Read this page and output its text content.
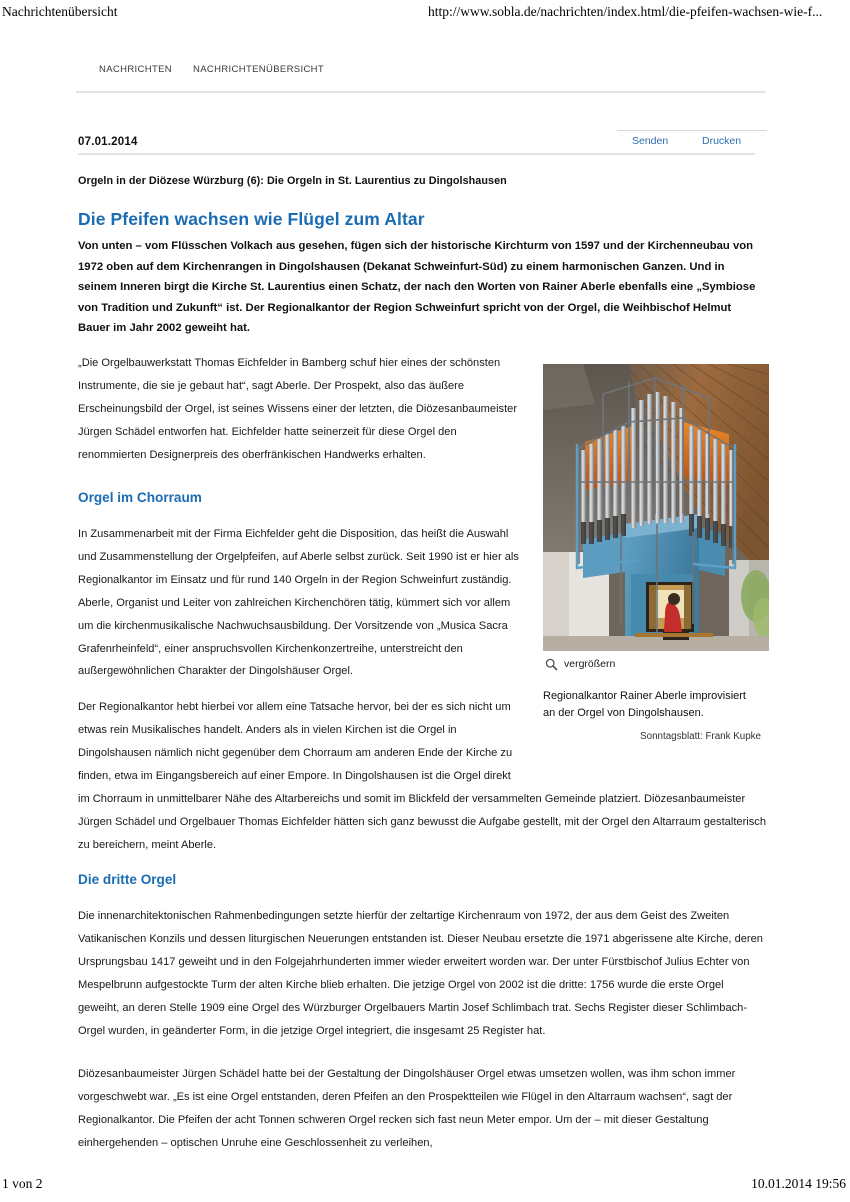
Nachrichtenübersicht	http://www.sobla.de/nachrichten/index.html/die-pfeifen-wachsen-wie-f...
NACHRICHTEN	NACHRICHTENÜBERSICHT
07.01.2014	Senden	Drucken
Orgeln in der Diözese Würzburg (6): Die Orgeln in St. Laurentius zu Dingolshausen
Die Pfeifen wachsen wie Flügel zum Altar
Von unten – vom Flüsschen Volkach aus gesehen, fügen sich der historische Kirchturm von 1597 und der Kirchenneubau von 1972 oben auf dem Kirchenrangen in Dingolshausen (Dekanat Schweinfurt-Süd) zu einem harmonischen Ganzen. Und in seinem Inneren birgt die Kirche St. Laurentius einen Schatz, der nach den Worten von Rainer Aberle ebenfalls eine „Symbiose von Tradition und Zukunft“ ist. Der Regionalkantor der Region Schweinfurt spricht von der Orgel, die Weihbischof Helmut Bauer im Jahr 2002 geweiht hat.
vergrößern
Regionalkantor Rainer Aberle improvisiert an der Orgel von Dingolshausen.
Sonntagsblatt: Frank Kupke

„Die Orgelbauwerkstatt Thomas Eichfelder in Bamberg schuf hier eines der schönsten Instrumente, die sie je gebaut hat“, sagt Aberle. Der Prospekt, also das äußere Erscheinungsbild der Orgel, ist seines Wissens einer der letzten, die Diözesanbaumeister Jürgen Schädel entworfen hat. Eichfelder hatte seinerzeit für diese Orgel den renommierten Designerpreis des oberfränkischen Handwerks erhalten.

Orgel im Chorraum

In Zusammenarbeit mit der Firma Eichfelder geht die Disposition, das heißt die Auswahl und Zusammenstellung der Orgelpfeifen, auf Aberle selbst zurück. Seit 1990 ist er hier als Regionalkantor im Einsatz und für rund 140 Orgeln in der Region Schweinfurt zuständig. Aberle, Organist und Leiter von zahlreichen Kirchenchören tätig, kümmert sich vor allem um die kirchenmusikalische Nachwuchsausbildung. Der Vorsitzende von „Musica Sacra Grafenrheinfeld“, einer anspruchsvollen Kirchenkonzertreihe, unterstreicht den außergewöhnlichen Charakter der Dingolshäuser Orgel.

Der Regionalkantor hebt hierbei vor allem eine Tatsache hervor, bei der es sich nicht um etwas rein Musikalisches handelt. Anders als in vielen Kirchen ist die Orgel in Dingolshausen nämlich nicht gegenüber dem Chorraum am anderen Ende der Kirche zu finden, etwa im Eingangsbereich auf einer Empore. In Dingolshausen ist die Orgel direkt

im Chorraum in unmittelbarer Nähe des Altarbereichs und somit im Blickfeld der versammelten Gemeinde platziert. Diözesanbaumeister Jürgen Schädel und Orgelbauer Thomas Eichfelder hätten sich ganz bewusst die Aufgabe gestellt, mit der Orgel den Altarraum gestalterisch zu bereichern, meint Aberle.

Die dritte Orgel

Die innenarchitektonischen Rahmenbedingungen setzte hierfür der zeltartige Kirchenraum von 1972, der aus dem Geist des Zweiten Vatikanischen Konzils und dessen liturgischen Neuerungen entstanden ist. Dieser Neubau ersetzte die 1971 abgerissene alte Kirche, deren Ursprungsbau 1417 geweiht und in den Folgejahrhunderten immer wieder erweitert worden war. Der unter Fürstbischof Julius Echter von Mespelbrunn aufgestockte Turm der alten Kirche blieb erhalten. Die jetzige Orgel von 2002 ist die dritte: 1756 wurde die erste Orgel geweiht, an deren Stelle 1909 eine Orgel des Würzburger Orgelbauers Martin Josef Schlimbach trat. Sechs Register dieser Schlimbach-Orgel wurden, in geänderter Form, in die jetzige Orgel integriert, die insgesamt 25 Register hat.

Diözesanbaumeister Jürgen Schädel hatte bei der Gestaltung der Dingolshäuser Orgel etwas umsetzen wollen, was ihm schon immer vorgeschwebt war. „Es ist eine Orgel entstanden, deren Pfeifen an den Prospektteilen wie Flügel in den Altarraum wachsen“, sagt der Regionalkantor. Die Pfeifen der acht Tonnen schweren Orgel recken sich fast neun Meter empor. Um der – mit dieser Gestaltung einhergehenden – optischen Unruhe eine Geschlossenheit zu verleihen,

1 von 2	10.01.2014 19:56
